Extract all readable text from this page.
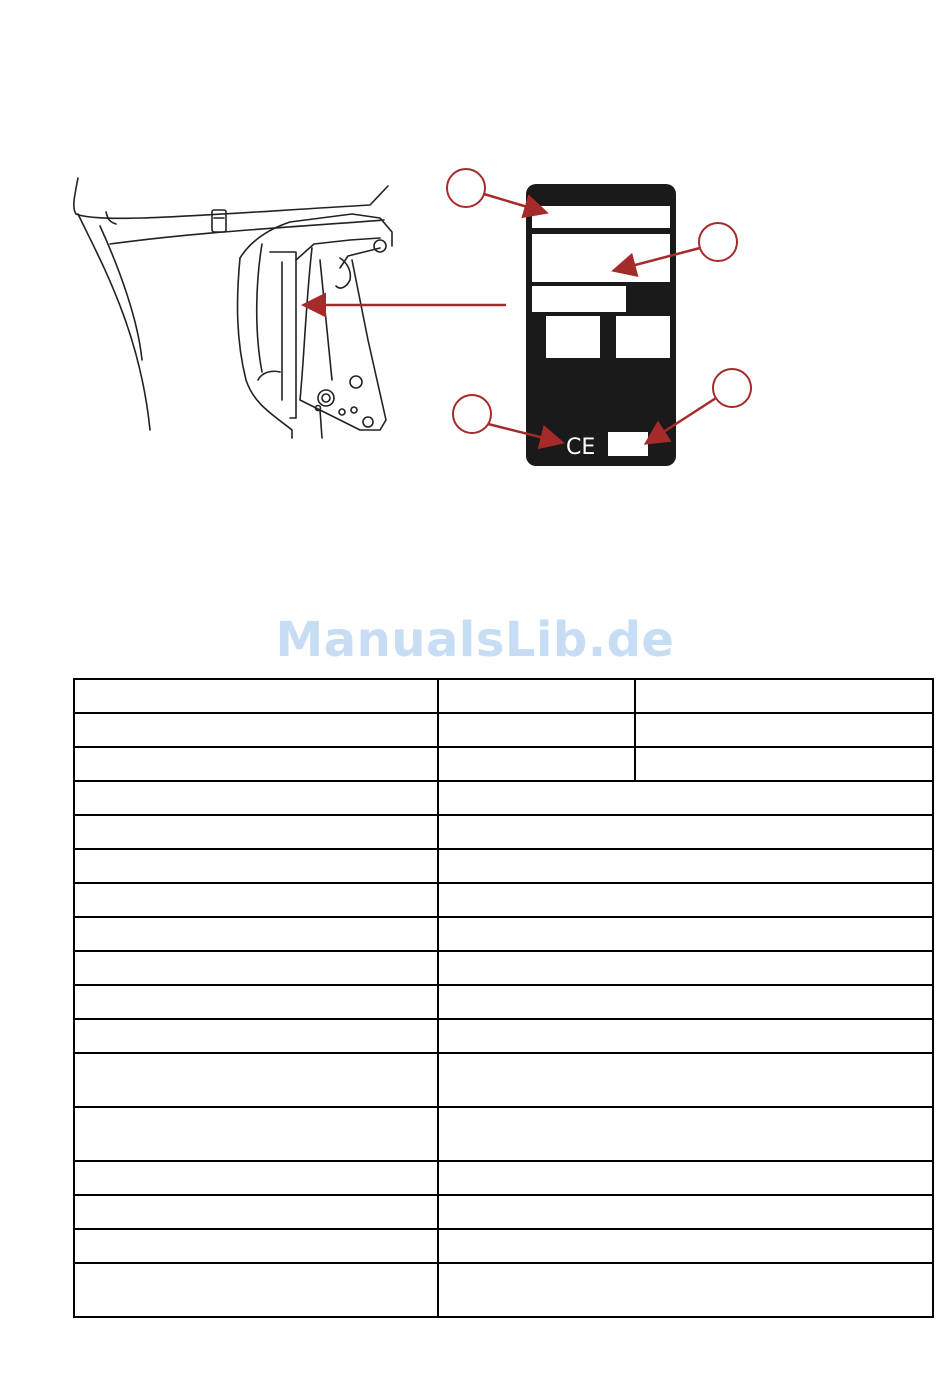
CE
ManualsLib.de
